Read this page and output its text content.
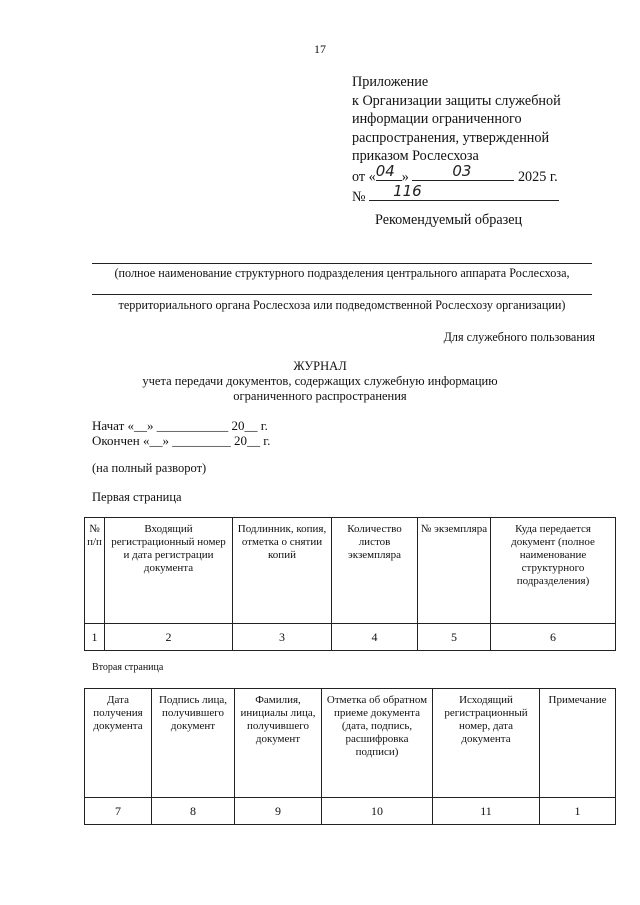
17
Приложение
к Организации защиты служебной
информации ограниченного
распространения, утвержденной
приказом Рослесхоза
от « 04 »	03	2025 г.
№ 116
Рекомендуемый образец
(полное наименование структурного подразделения центрального аппарата Рослесхоза,
территориального органа Рослесхоза или подведомственной Рослесхозу организации)
Для служебного пользования
ЖУРНАЛ
учета передачи документов, содержащих служебную информацию
ограниченного распространения
Начат «__» ___________ 20__ г.
Окончен «__» _________ 20__ г.
(на полный разворот)
Первая страница
№ п/п	Входящий регистрационный номер и дата регистрации документа	Подлинник, копия, отметка о снятии копий	Количество листов экземпляра	№ экземпляра	Куда передается документ (полное наименование структурного подразделения)
1	2	3	4	5	6
Вторая страница
Дата получения документа	Подпись лица, получившего документ	Фамилия, инициалы лица, получившего документ	Отметка об обратном приеме документа (дата, подпись, расшифровка подписи)	Исходящий регистрационный номер, дата документа	Примечание
7	8	9	10	11	1
